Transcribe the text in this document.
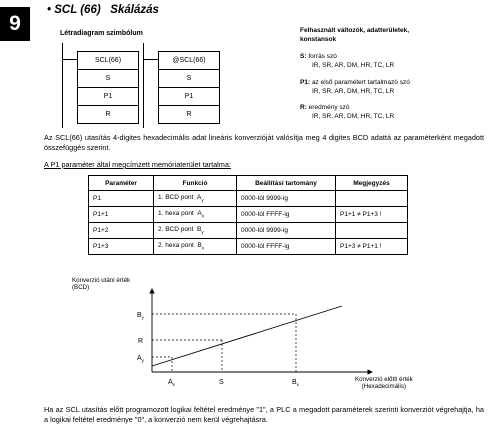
9
• SCL (66) Skálázás
Létradiagram szimbólum
SCL(66)
S
P1
R
@SCL(66)
S
P1
R
Felhasznált változók, adatterületek, konstansok
S: forrás szó
IR, SR, AR, DM, HR, TC, LR
P1: az első paramétert tartalmazó szó
IR, SR, AR, DM, HR, TC, LR
R: eredmény szó
IR, SR, AR, DM, HR, TC, LR
Az SCL(66) utasítás 4-digites hexadecimális adat lineáris konverzióját valósítja meg 4 digites BCD adattá az paraméterként megadott összefüggés szerint.
A P1 paraméter által megcímzett memóriaterület tartalma:
Paraméter	Funkció	Beállítási tartomány	Megjegyzés
P1	1. BCD pont $A_y$	0000-tól 9999-ig	
P1+1	1. hexa pont $A_x$	0000-tól FFFF-ig	P1+1 ≠ P1+3 !
P1+2	2. BCD pont $B_y$	0000-tól 9999-ig	
P1+3	2. hexa pont $B_x$	0000-tól FFFF-ig	P1+3 ≠ P1+1 !
Konverzió utáni érték
(BCD)
Konverzió előtti érték
(Hexadecimális)
$B_y$
R
$A_y$
$A_x$	S	$B_x$
Ha az SCL utasítás előtt programozott logikai feltétel eredménye "1", a PLC a megadott paraméterek szerinti konverziót végrehajtja, ha a logikai feltétel eredménye "0", a konverzió nem kerül végrehajtásra.
